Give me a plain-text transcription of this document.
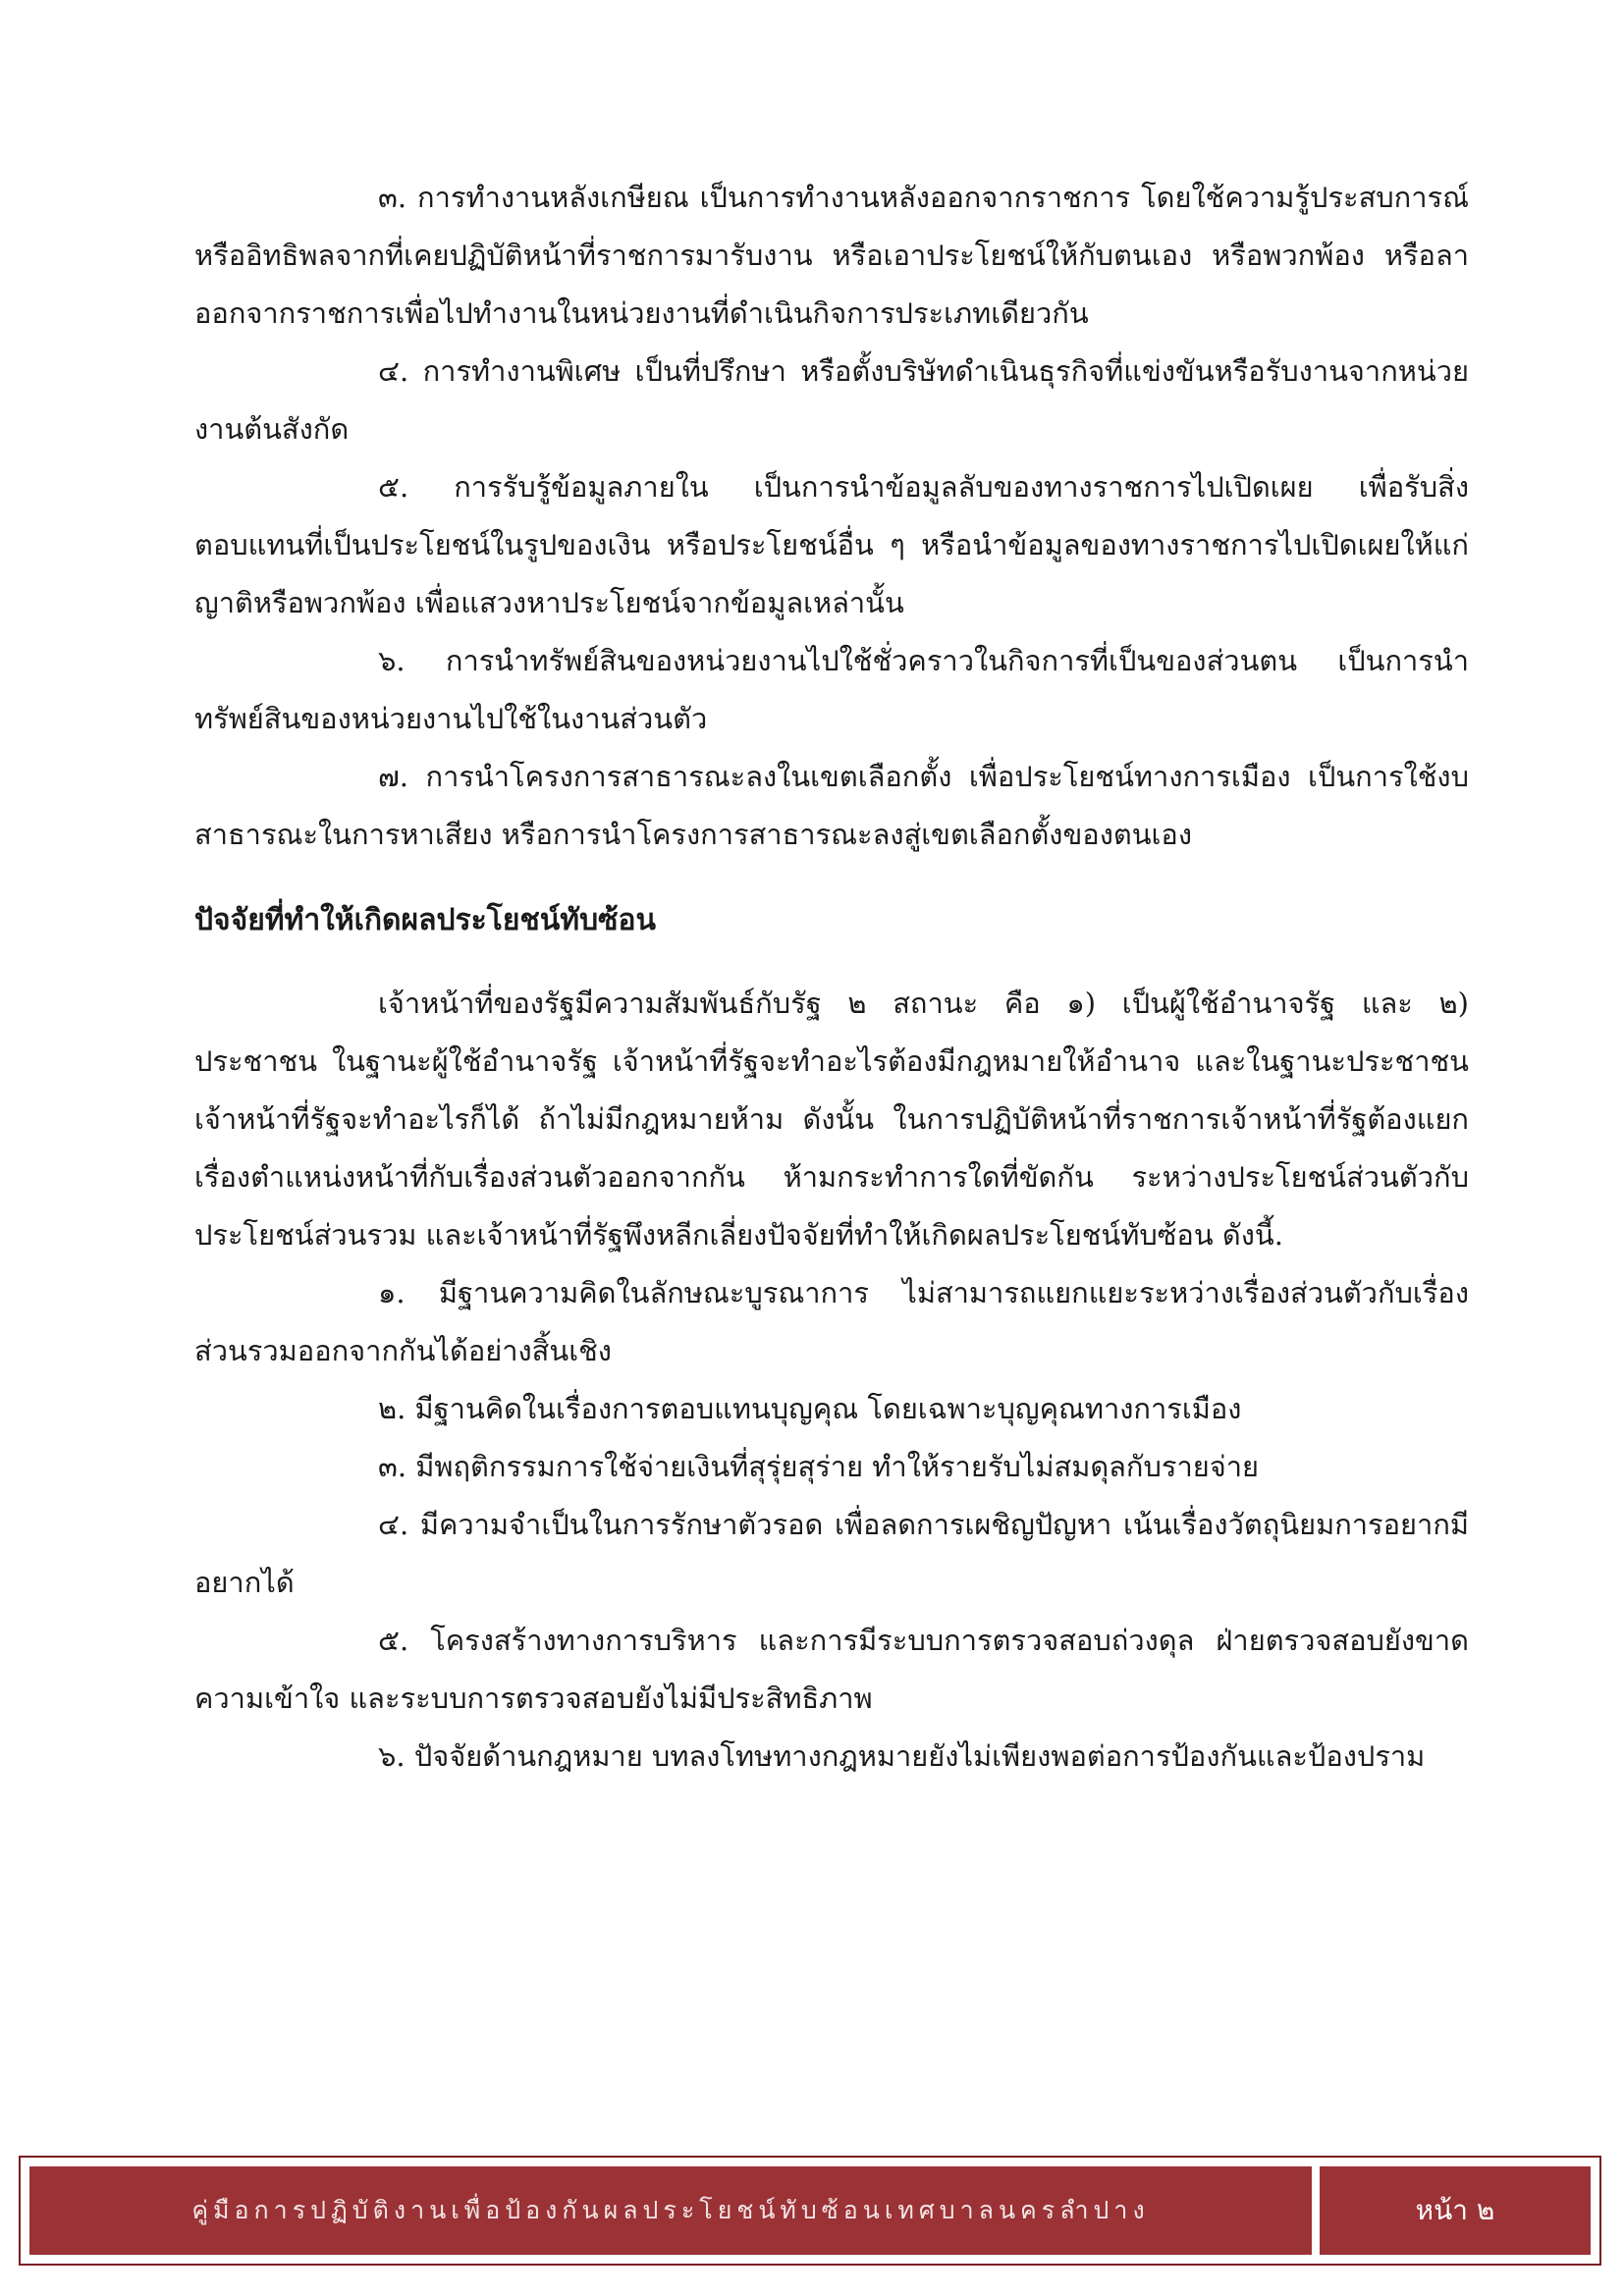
๓. การทำงานหลังเกษียณ เป็นการทำงานหลังออกจากราชการ โดยใช้ความรู้ประสบการณ์ หรืออิทธิพลจากที่เคยปฏิบัติหน้าที่ราชการมารับงาน หรือเอาประโยชน์ให้กับตนเอง หรือพวกพ้อง หรือลาออกจากราชการเพื่อไปทำงานในหน่วยงานที่ดำเนินกิจการประเภทเดียวกัน

๔. การทำงานพิเศษ เป็นที่ปรึกษา หรือตั้งบริษัทดำเนินธุรกิจที่แข่งขันหรือรับงานจากหน่วยงานต้นสังกัด

๕. การรับรู้ข้อมูลภายใน เป็นการนำข้อมูลลับของทางราชการไปเปิดเผย เพื่อรับสิ่งตอบแทนที่เป็นประโยชน์ในรูปของเงิน หรือประโยชน์อื่น ๆ หรือนำข้อมูลของทางราชการไปเปิดเผยให้แก่ญาติหรือพวกพ้อง เพื่อแสวงหาประโยชน์จากข้อมูลเหล่านั้น

๖. การนำทรัพย์สินของหน่วยงานไปใช้ชั่วคราวในกิจการที่เป็นของส่วนตน เป็นการนำทรัพย์สินของหน่วยงานไปใช้ในงานส่วนตัว

๗. การนำโครงการสาธารณะลงในเขตเลือกตั้ง เพื่อประโยชน์ทางการเมือง เป็นการใช้งบสาธารณะในการหาเสียง หรือการนำโครงการสาธารณะลงสู่เขตเลือกตั้งของตนเอง

ปัจจัยที่ทำให้เกิดผลประโยชน์ทับซ้อน

เจ้าหน้าที่ของรัฐมีความสัมพันธ์กับรัฐ ๒ สถานะ คือ ๑) เป็นผู้ใช้อำนาจรัฐ และ ๒) ประชาชน ในฐานะผู้ใช้อำนาจรัฐ เจ้าหน้าที่รัฐจะทำอะไรต้องมีกฎหมายให้อำนาจ และในฐานะประชาชน เจ้าหน้าที่รัฐจะทำอะไรก็ได้ ถ้าไม่มีกฎหมายห้าม ดังนั้น ในการปฏิบัติหน้าที่ราชการเจ้าหน้าที่รัฐต้องแยกเรื่องตำแหน่งหน้าที่กับเรื่องส่วนตัวออกจากกัน ห้ามกระทำการใดที่ขัดกัน ระหว่างประโยชน์ส่วนตัวกับประโยชน์ส่วนรวม และเจ้าหน้าที่รัฐพึงหลีกเลี่ยงปัจจัยที่ทำให้เกิดผลประโยชน์ทับซ้อน ดังนี้.

๑. มีฐานความคิดในลักษณะบูรณาการ ไม่สามารถแยกแยะระหว่างเรื่องส่วนตัวกับเรื่องส่วนรวมออกจากกันได้อย่างสิ้นเชิง

๒. มีฐานคิดในเรื่องการตอบแทนบุญคุณ โดยเฉพาะบุญคุณทางการเมือง

๓. มีพฤติกรรมการใช้จ่ายเงินที่สุรุ่ยสุร่าย ทำให้รายรับไม่สมดุลกับรายจ่าย

๔. มีความจำเป็นในการรักษาตัวรอด เพื่อลดการเผชิญปัญหา เน้นเรื่องวัตถุนิยมการอยากมีอยากได้

๕. โครงสร้างทางการบริหาร และการมีระบบการตรวจสอบถ่วงดุล ฝ่ายตรวจสอบยังขาดความเข้าใจ และระบบการตรวจสอบยังไม่มีประสิทธิภาพ

๖. ปัจจัยด้านกฎหมาย บทลงโทษทางกฎหมายยังไม่เพียงพอต่อการป้องกันและป้องปราม

คู่มือการปฏิบัติงานเพื่อป้องกันผลประโยชน์ทับซ้อนเทศบาลนครลำปาง	หน้า ๒
